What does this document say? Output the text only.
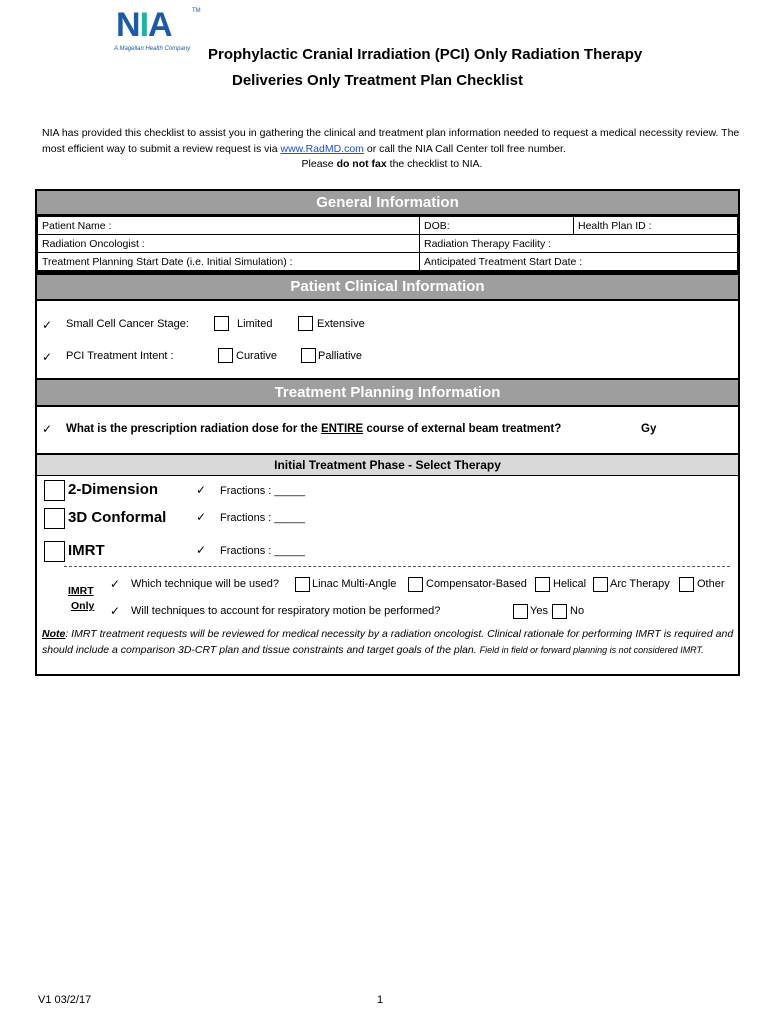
NIA	TM
A Magellan Health Company Prophylactic Cranial Irradiation (PCI) Only Radiation Therapy
Deliveries Only Treatment Plan Checklist
NIA has provided this checklist to assist you in gathering the clinical and treatment plan information needed to request a medical necessity review. The most efficient way to submit a review request is via www.RadMD.com or call the NIA Call Center toll free number.
Please do not fax the checklist to NIA.
General Information
Patient Name :	DOB:	Health Plan ID :
Radiation Oncologist :	Radiation Therapy Facility :	
Treatment Planning Start Date (i.e. Initial Simulation) :	Anticipated Treatment Start Date :	
Patient Clinical Information
✓ Small Cell Cancer Stage:	Limited	Extensive
✓ PCI Treatment Intent :	Curative	Palliative
Treatment Planning Information
Initial Treatment Phase - Select Therapy
✓ What is the prescription radiation dose for the ENTIRE course of external beam treatment?	Gy
2-Dimension	✓ Fractions : _____
3D Conformal ✓ Fractions : _____
IMRT	✓ Fractions : _____
IMRT
Only
✓ Which technique will be used?	Linac Multi-Angle	Compensator-Based Helical Arc Therapy Other
✓ Will techniques to account for respiratory motion be performed?	Yes No
Note: IMRT treatment requests will be reviewed for medical necessity by a radiation oncologist. Clinical rationale for performing IMRT is required and should include a comparison 3D-CRT plan and tissue constraints and target goals of the plan. Field in field or forward planning is not considered IMRT.
V1 03/2/17	1
